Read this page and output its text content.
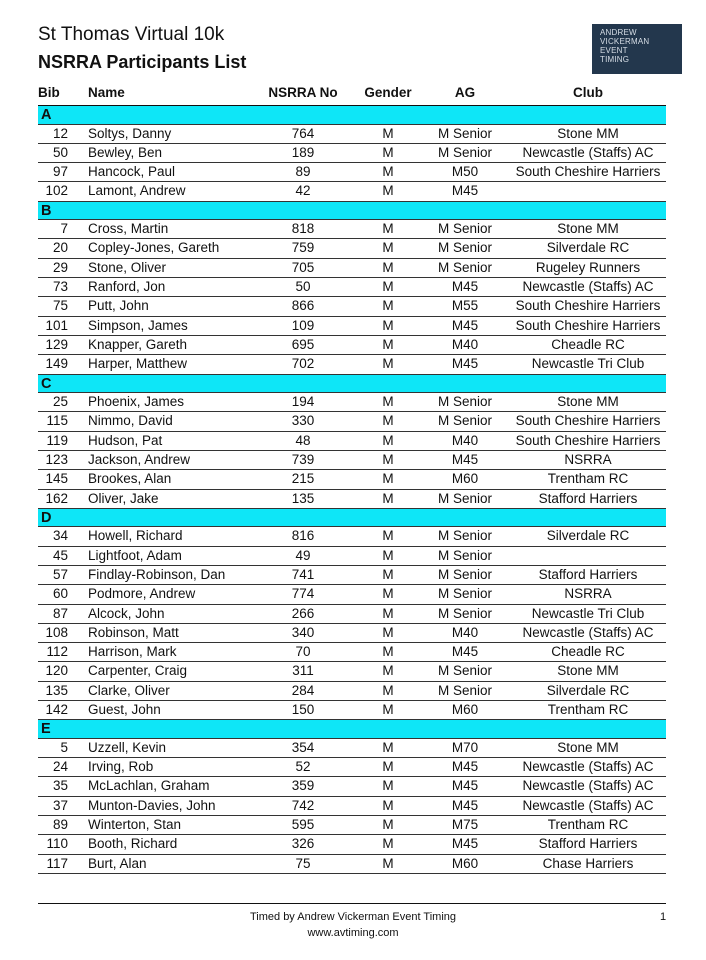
St Thomas Virtual 10k
NSRRA Participants List
ANDREW
VICKERMAN
EVENT
TIMING
Bib Name	NSRRA No	Gender	AG	Club
A
12 Soltys, Danny	764	M	M Senior	Stone MM
50 Bewley, Ben	189	M	M Senior	Newcastle (Staffs) AC
97 Hancock, Paul	89	M	M50	South Cheshire Harriers
102 Lamont, Andrew	42	M	M45
B
7 Cross, Martin	818	M	M Senior	Stone MM
20 Copley-Jones, Gareth	759	M	M Senior	Silverdale RC
29 Stone, Oliver	705	M	M Senior	Rugeley Runners
73 Ranford, Jon	50	M	M45	Newcastle (Staffs) AC
75 Putt, John	866	M	M55	South Cheshire Harriers
101 Simpson, James	109	M	M45	South Cheshire Harriers
129 Knapper, Gareth	695	M	M40	Cheadle RC
149 Harper, Matthew	702	M	M45	Newcastle Tri Club
C
25 Phoenix, James	194	M	M Senior	Stone MM
115 Nimmo, David	330	M	M Senior	South Cheshire Harriers
119 Hudson, Pat	48	M	M40	South Cheshire Harriers
123 Jackson, Andrew	739	M	M45	NSRRA
145 Brookes, Alan	215	M	M60	Trentham RC
162 Oliver, Jake	135	M	M Senior	Stafford Harriers
D
34 Howell, Richard	816	M	M Senior	Silverdale RC
45 Lightfoot, Adam	49	M	M Senior
57 Findlay-Robinson, Dan	741	M	M Senior	Stafford Harriers
60 Podmore, Andrew	774	M	M Senior	NSRRA
87 Alcock, John	266	M	M Senior	Newcastle Tri Club
108 Robinson, Matt	340	M	M40	Newcastle (Staffs) AC
112 Harrison, Mark	70	M	M45	Cheadle RC
120 Carpenter, Craig	311	M	M Senior	Stone MM
135 Clarke, Oliver	284	M	M Senior	Silverdale RC
142 Guest, John	150	M	M60	Trentham RC
E
5 Uzzell, Kevin	354	M	M70	Stone MM
24 Irving, Rob	52	M	M45	Newcastle (Staffs) AC
35 McLachlan, Graham	359	M	M45	Newcastle (Staffs) AC
37 Munton-Davies, John	742	M	M45	Newcastle (Staffs) AC
89 Winterton, Stan	595	M	M75	Trentham RC
110 Booth, Richard	326	M	M45	Stafford Harriers
117 Burt, Alan	75	M	M60	Chase Harriers
Timed by Andrew Vickerman Event Timing
www.avtiming.com
1
